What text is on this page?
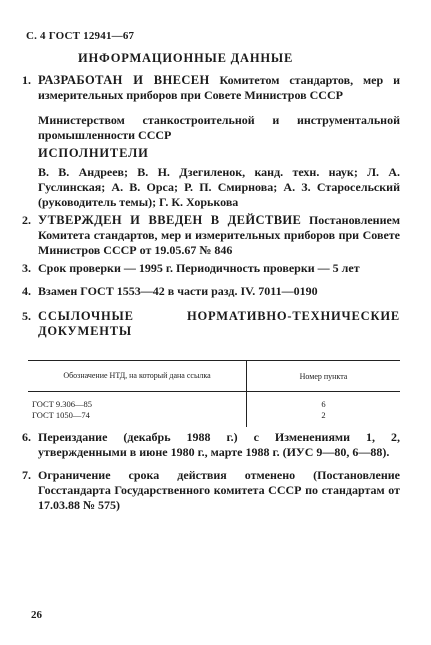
С. 4 ГОСТ 12941—67
ИНФОРМАЦИОННЫЕ ДАННЫЕ
1. РАЗРАБОТАН И ВНЕСЕН Комитетом стандартов, мер и измерительных приборов при Совете Министров СССР
Министерством станкостроительной и инструментальной промышленности СССР
ИСПОЛНИТЕЛИ
В. В. Андреев; В. Н. Дзегиленок, канд. техн. наук; Л. А. Гуслинская; А. В. Орса; Р. П. Смирнова; А. З. Старосельский (руководитель темы); Г. К. Хорькова
2. УТВЕРЖДЕН И ВВЕДЕН В ДЕЙСТВИЕ Постановлением Комитета стандартов, мер и измерительных приборов при Совете Министров СССР от 19.05.67 № 846
3. Срок проверки — 1995 г. Периодичность проверки — 5 лет
4. Взамен ГОСТ 1553—42 в части разд. IV. 7011—0190
5. ССЫЛОЧНЫЕ НОРМАТИВНО-ТЕХНИЧЕСКИЕ ДОКУМЕНТЫ
Обозначение НТД, на который дана ссылка	Номер пункта
ГОСТ 9.306—85	6
ГОСТ 1050—74	2
6. Переиздание (декабрь 1988 г.) с Изменениями 1, 2, утвержденными в июне 1980 г., марте 1988 г. (ИУС 9—80, 6—88).
7. Ограничение срока действия отменено (Постановление Госстандарта Государственного комитета СССР по стандартам от 17.03.88 № 575)
26
